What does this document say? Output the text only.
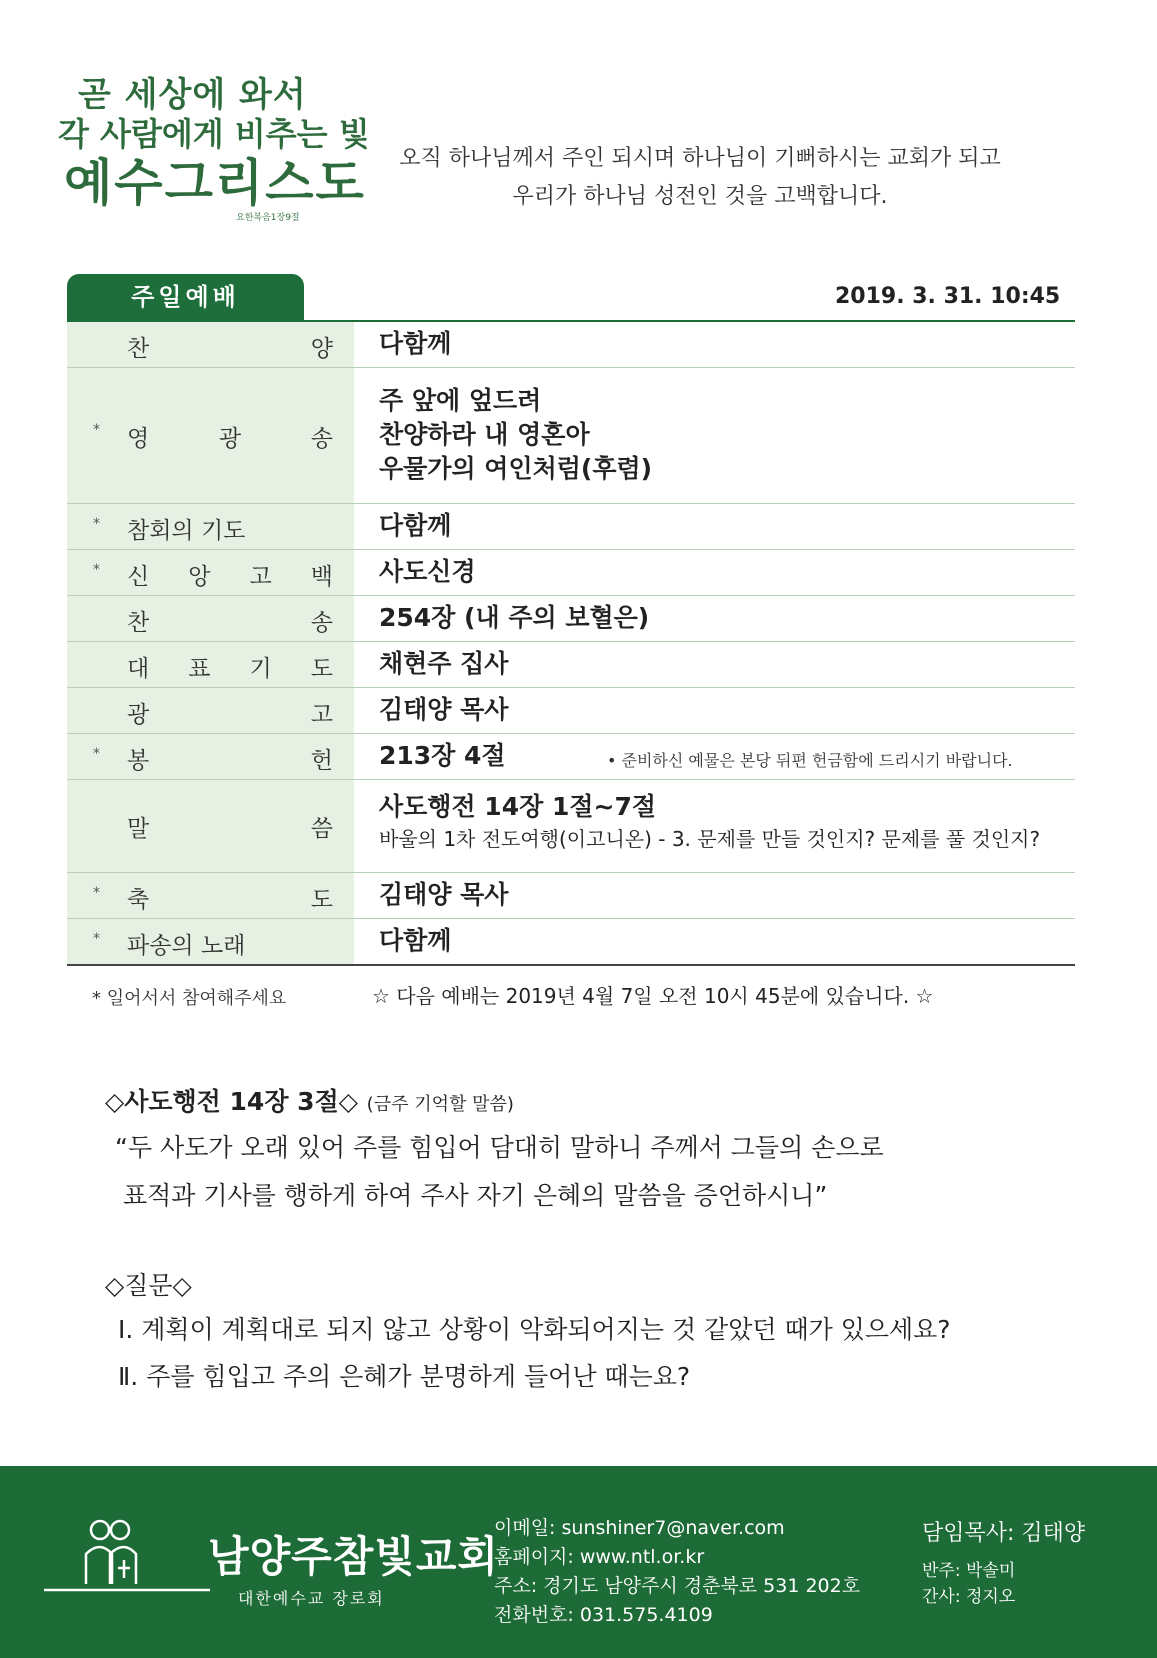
곧 세상에 와서
각 사람에게 비추는 빛
예수그리스도
요한복음1장9절
오직 하나님께서 주인 되시며 하나님이 기뻐하시는 교회가 되고
우리가 하나님 성전인 것을 고백합니다.
주일예배	2019. 3. 31. 10:45
찬	양 다함께
* 영	광	송
주 앞에 엎드려
찬양하라 내 영혼아
우물가의 여인처럼(후렴)
* 참회의 기도	다함께
* 신 앙 고 백 사도신경
찬	송 254장 (내 주의 보혈은)
대 표 기 도 채현주 집사
광	고 김태양 목사
* 봉	헌 213장 4절	• 준비하신 예물은 본당 뒤편 헌금함에 드리시기 바랍니다.
말	씀
사도행전 14장 1절~7절
바울의 1차 전도여행(이고니온) - 3. 문제를 만들 것인지? 문제를 풀 것인지?
* 축	도 김태양 목사
* 파송의 노래	다함께
* 일어서서 참여해주세요	☆ 다음 예배는 2019년 4월 7일 오전 10시 45분에 있습니다. ☆
◇사도행전 14장 3절◇ (금주 기억할 말씀)
“두 사도가 오래 있어 주를 힘입어 담대히 말하니 주께서 그들의 손으로
표적과 기사를 행하게 하여 주사 자기 은혜의 말씀을 증언하시니”
◇질문◇
Ⅰ. 계획이 계획대로 되지 않고 상황이 악화되어지는 것 같았던 때가 있으세요?
Ⅱ. 주를 힘입고 주의 은혜가 분명하게 들어난 때는요?
남양주참빛교회
대한예수교 장로회
이메일: sunshiner7@naver.com
홈페이지: www.ntl.or.kr
주소: 경기도 남양주시 경춘북로 531 202호
전화번호: 031.575.4109
담임목사: 김태양
반주: 박솔미
간사: 정지오
